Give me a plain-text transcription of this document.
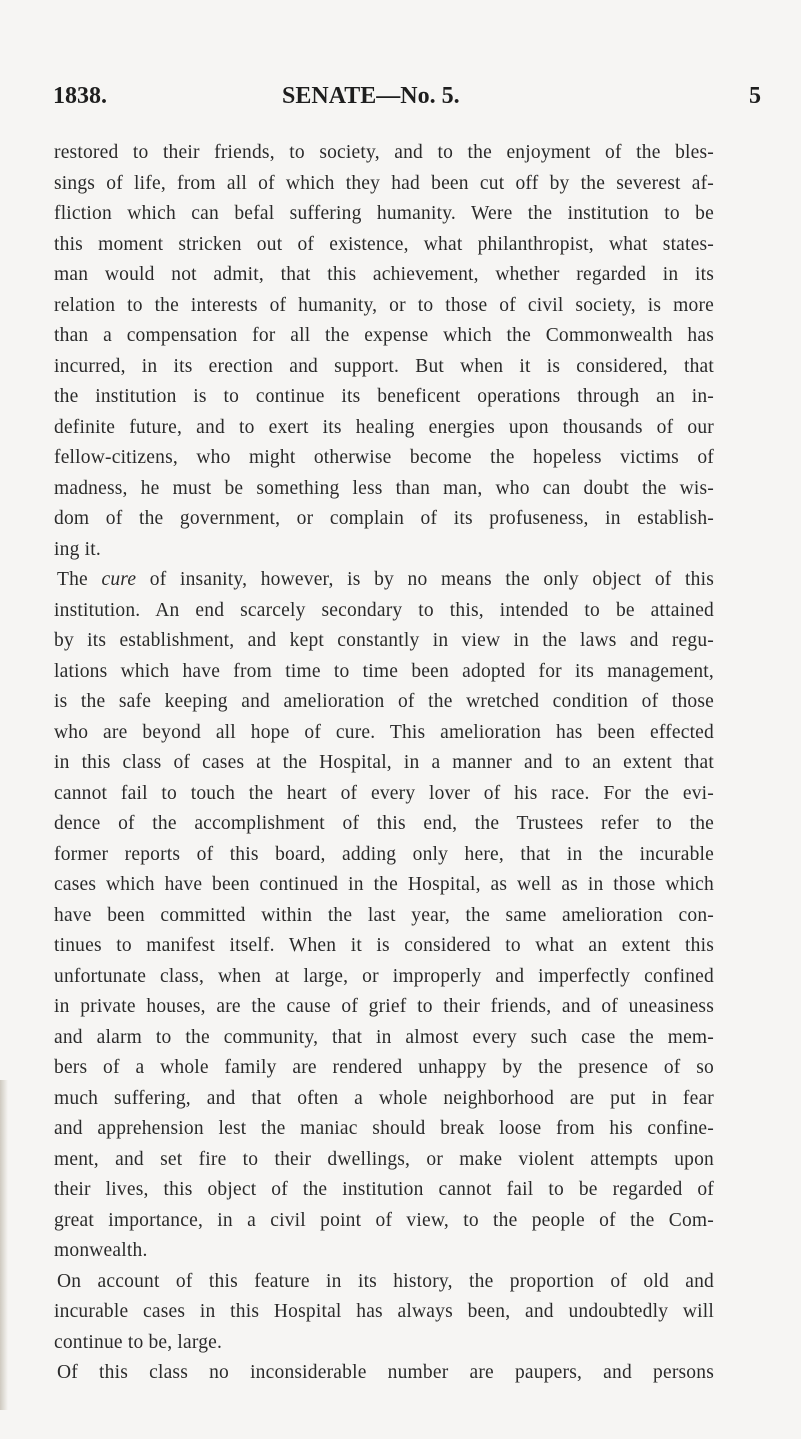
1838.	SENATE—No. 5.	5
restored to their friends, to society, and to the enjoyment of the bles-
sings of life, from all of which they had been cut off by the severest af-
fliction which can befal suffering humanity. Were the institution to be
this moment stricken out of existence, what philanthropist, what states-
man would not admit, that this achievement, whether regarded in its
relation to the interests of humanity, or to those of civil society, is more
than a compensation for all the expense which the Commonwealth has
incurred, in its erection and support. But when it is considered, that
the institution is to continue its beneficent operations through an in-
definite future, and to exert its healing energies upon thousands of our
fellow-citizens, who might otherwise become the hopeless victims of
madness, he must be something less than man, who can doubt the wis-
dom of the government, or complain of its profuseness, in establish-
ing it.
The cure of insanity, however, is by no means the only object of this
institution. An end scarcely secondary to this, intended to be attained
by its establishment, and kept constantly in view in the laws and regu-
lations which have from time to time been adopted for its management,
is the safe keeping and amelioration of the wretched condition of those
who are beyond all hope of cure. This amelioration has been effected
in this class of cases at the Hospital, in a manner and to an extent that
cannot fail to touch the heart of every lover of his race. For the evi-
dence of the accomplishment of this end, the Trustees refer to the
former reports of this board, adding only here, that in the incurable
cases which have been continued in the Hospital, as well as in those which
have been committed within the last year, the same amelioration con-
tinues to manifest itself. When it is considered to what an extent this
unfortunate class, when at large, or improperly and imperfectly confined
in private houses, are the cause of grief to their friends, and of uneasiness
and alarm to the community, that in almost every such case the mem-
bers of a whole family are rendered unhappy by the presence of so
much suffering, and that often a whole neighborhood are put in fear
and apprehension lest the maniac should break loose from his confine-
ment, and set fire to their dwellings, or make violent attempts upon
their lives, this object of the institution cannot fail to be regarded of
great importance, in a civil point of view, to the people of the Com-
monwealth.
On account of this feature in its history, the proportion of old and
incurable cases in this Hospital has always been, and undoubtedly will
continue to be, large.
Of this class no inconsiderable number are paupers, and persons
